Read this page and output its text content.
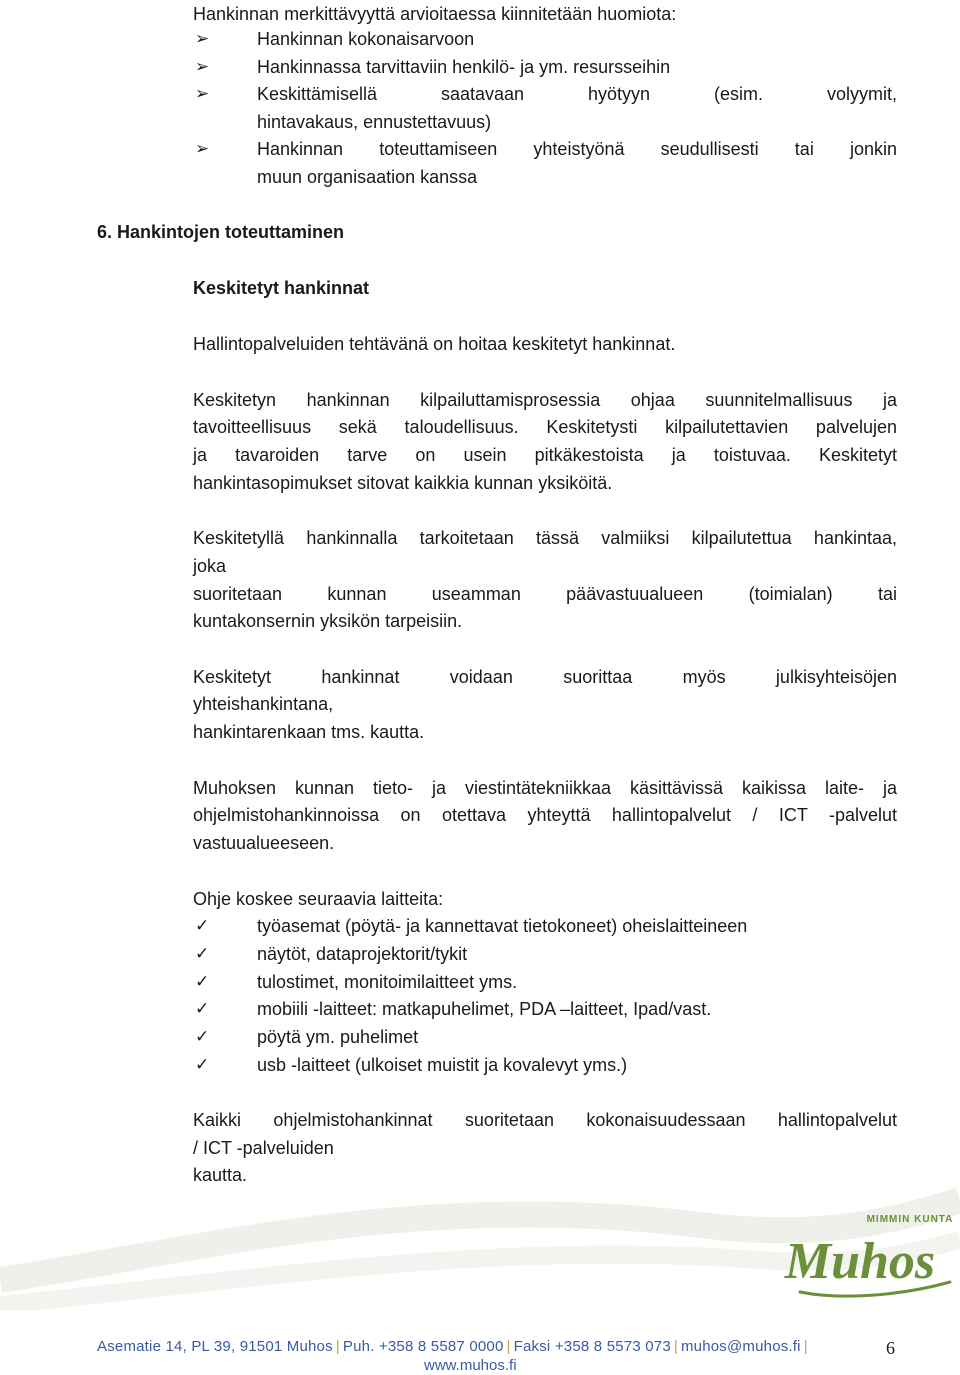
Hankinnan merkittävyyttä arvioitaessa kiinnitetään huomiota:
➢	Hankinnan kokonaisarvoon
➢	Hankinnassa tarvittaviin henkilö- ja ym. resursseihin
➢	Keskittämisellä saatavaan hyötyyn (esim. volyymit,
hintavakaus, ennustettavuus)
➢	Hankinnan toteuttamiseen yhteistyönä seudullisesti tai jonkin
muun organisaation kanssa
6. Hankintojen toteuttaminen
Keskitetyt hankinnat
Hallintopalveluiden tehtävänä on hoitaa keskitetyt hankinnat.
Keskitetyn hankinnan kilpailuttamisprosessia ohjaa suunnitelmallisuus ja
tavoitteellisuus sekä taloudellisuus. Keskitetysti kilpailutettavien palvelujen
ja tavaroiden tarve on usein pitkäkestoista ja toistuvaa. Keskitetyt
hankintasopimukset sitovat kaikkia kunnan yksiköitä.
Keskitetyllä hankinnalla tarkoitetaan tässä valmiiksi kilpailutettua hankintaa,
joka
suoritetaan kunnan useamman päävastuualueen (toimialan) tai
kuntakonsernin yksikön tarpeisiin.
Keskitetyt hankinnat voidaan suorittaa myös julkisyhteisöjen
yhteishankintana,
hankintarenkaan tms. kautta.
Muhoksen kunnan tieto- ja viestintätekniikkaa käsittävissä kaikissa laite- ja
ohjelmistohankinnoissa on otettava yhteyttä hallintopalvelut / ICT -palvelut
vastuualueeseen.
Ohje koskee seuraavia laitteita:
✓	työasemat (pöytä- ja kannettavat tietokoneet) oheislaitteineen
✓	näytöt, dataprojektorit/tykit
✓	tulostimet, monitoimilaitteet yms.
✓	mobiili -laitteet: matkapuhelimet, PDA –laitteet, Ipad/vast.
✓	pöytä ym. puhelimet
✓	usb -laitteet (ulkoiset muistit ja kovalevyt yms.)
Kaikki ohjelmistohankinnat suoritetaan kokonaisuudessaan hallintopalvelut
/ ICT -palveluiden
kautta.
MIMMIN KUNTA
Muhos
Asematie 14, PL 39, 91501 Muhos | Puh. +358 8 5587 0000 | Faksi +358 8 5573 073 | muhos@muhos.fi |
www.muhos.fi
6
